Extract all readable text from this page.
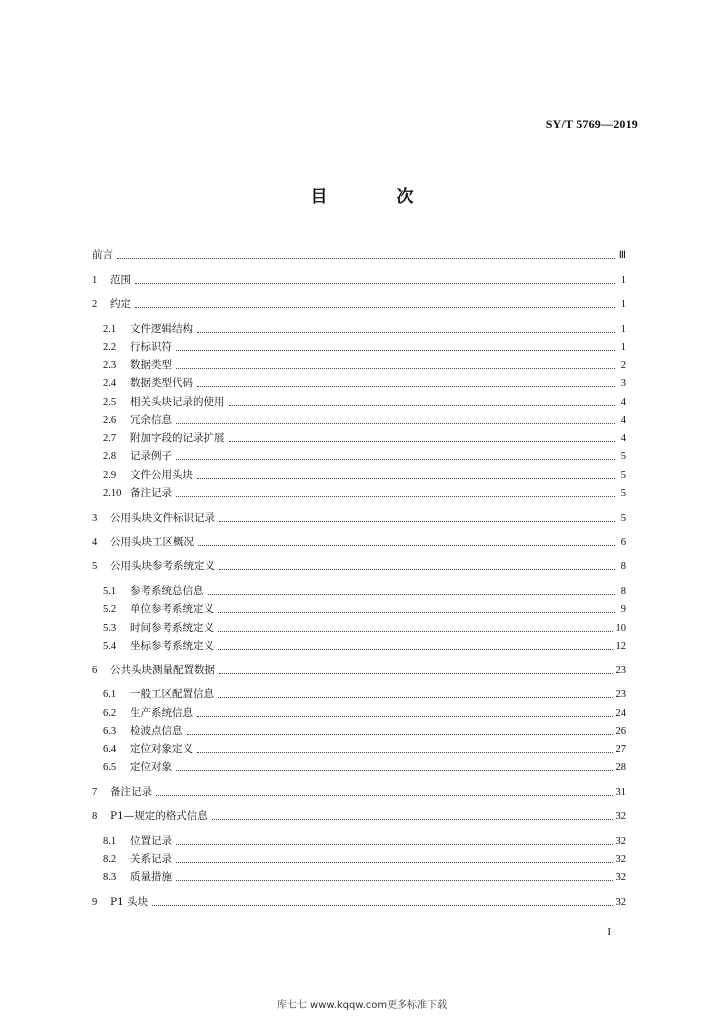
SY/T 5769—2019
目　次
前言	Ⅲ
1	范围	1
2	约定	1
2.1	文件逻辑结构	1
2.2	行标识符	1
2.3	数据类型	2
2.4	数据类型代码	3
2.5	相关头块记录的使用	4
2.6	冗余信息	4
2.7	附加字段的记录扩展	4
2.8	记录例子	5
2.9	文件公用头块	5
2.10 备注记录	5
3	公用头块文件标识记录	5
4	公用头块工区概况	6
5	公用头块参考系统定义	8
5.1	参考系统总信息	8
5.2	单位参考系统定义	9
5.3	时间参考系统定义	10
5.4	坐标参考系统定义	12
6	公共头块测量配置数据	23
6.1	一般工区配置信息	23
6.2	生产系统信息	24
6.3	检波点信息	26
6.4	定位对象定义	27
6.5	定位对象	28
7	备注记录	31
8	P1—规定的格式信息	32
8.1	位置记录	32
8.2	关系记录	32
8.3	质量措施	32
9	P1 头块	32
I
库七七 www.kqqw.com更多标准下载
